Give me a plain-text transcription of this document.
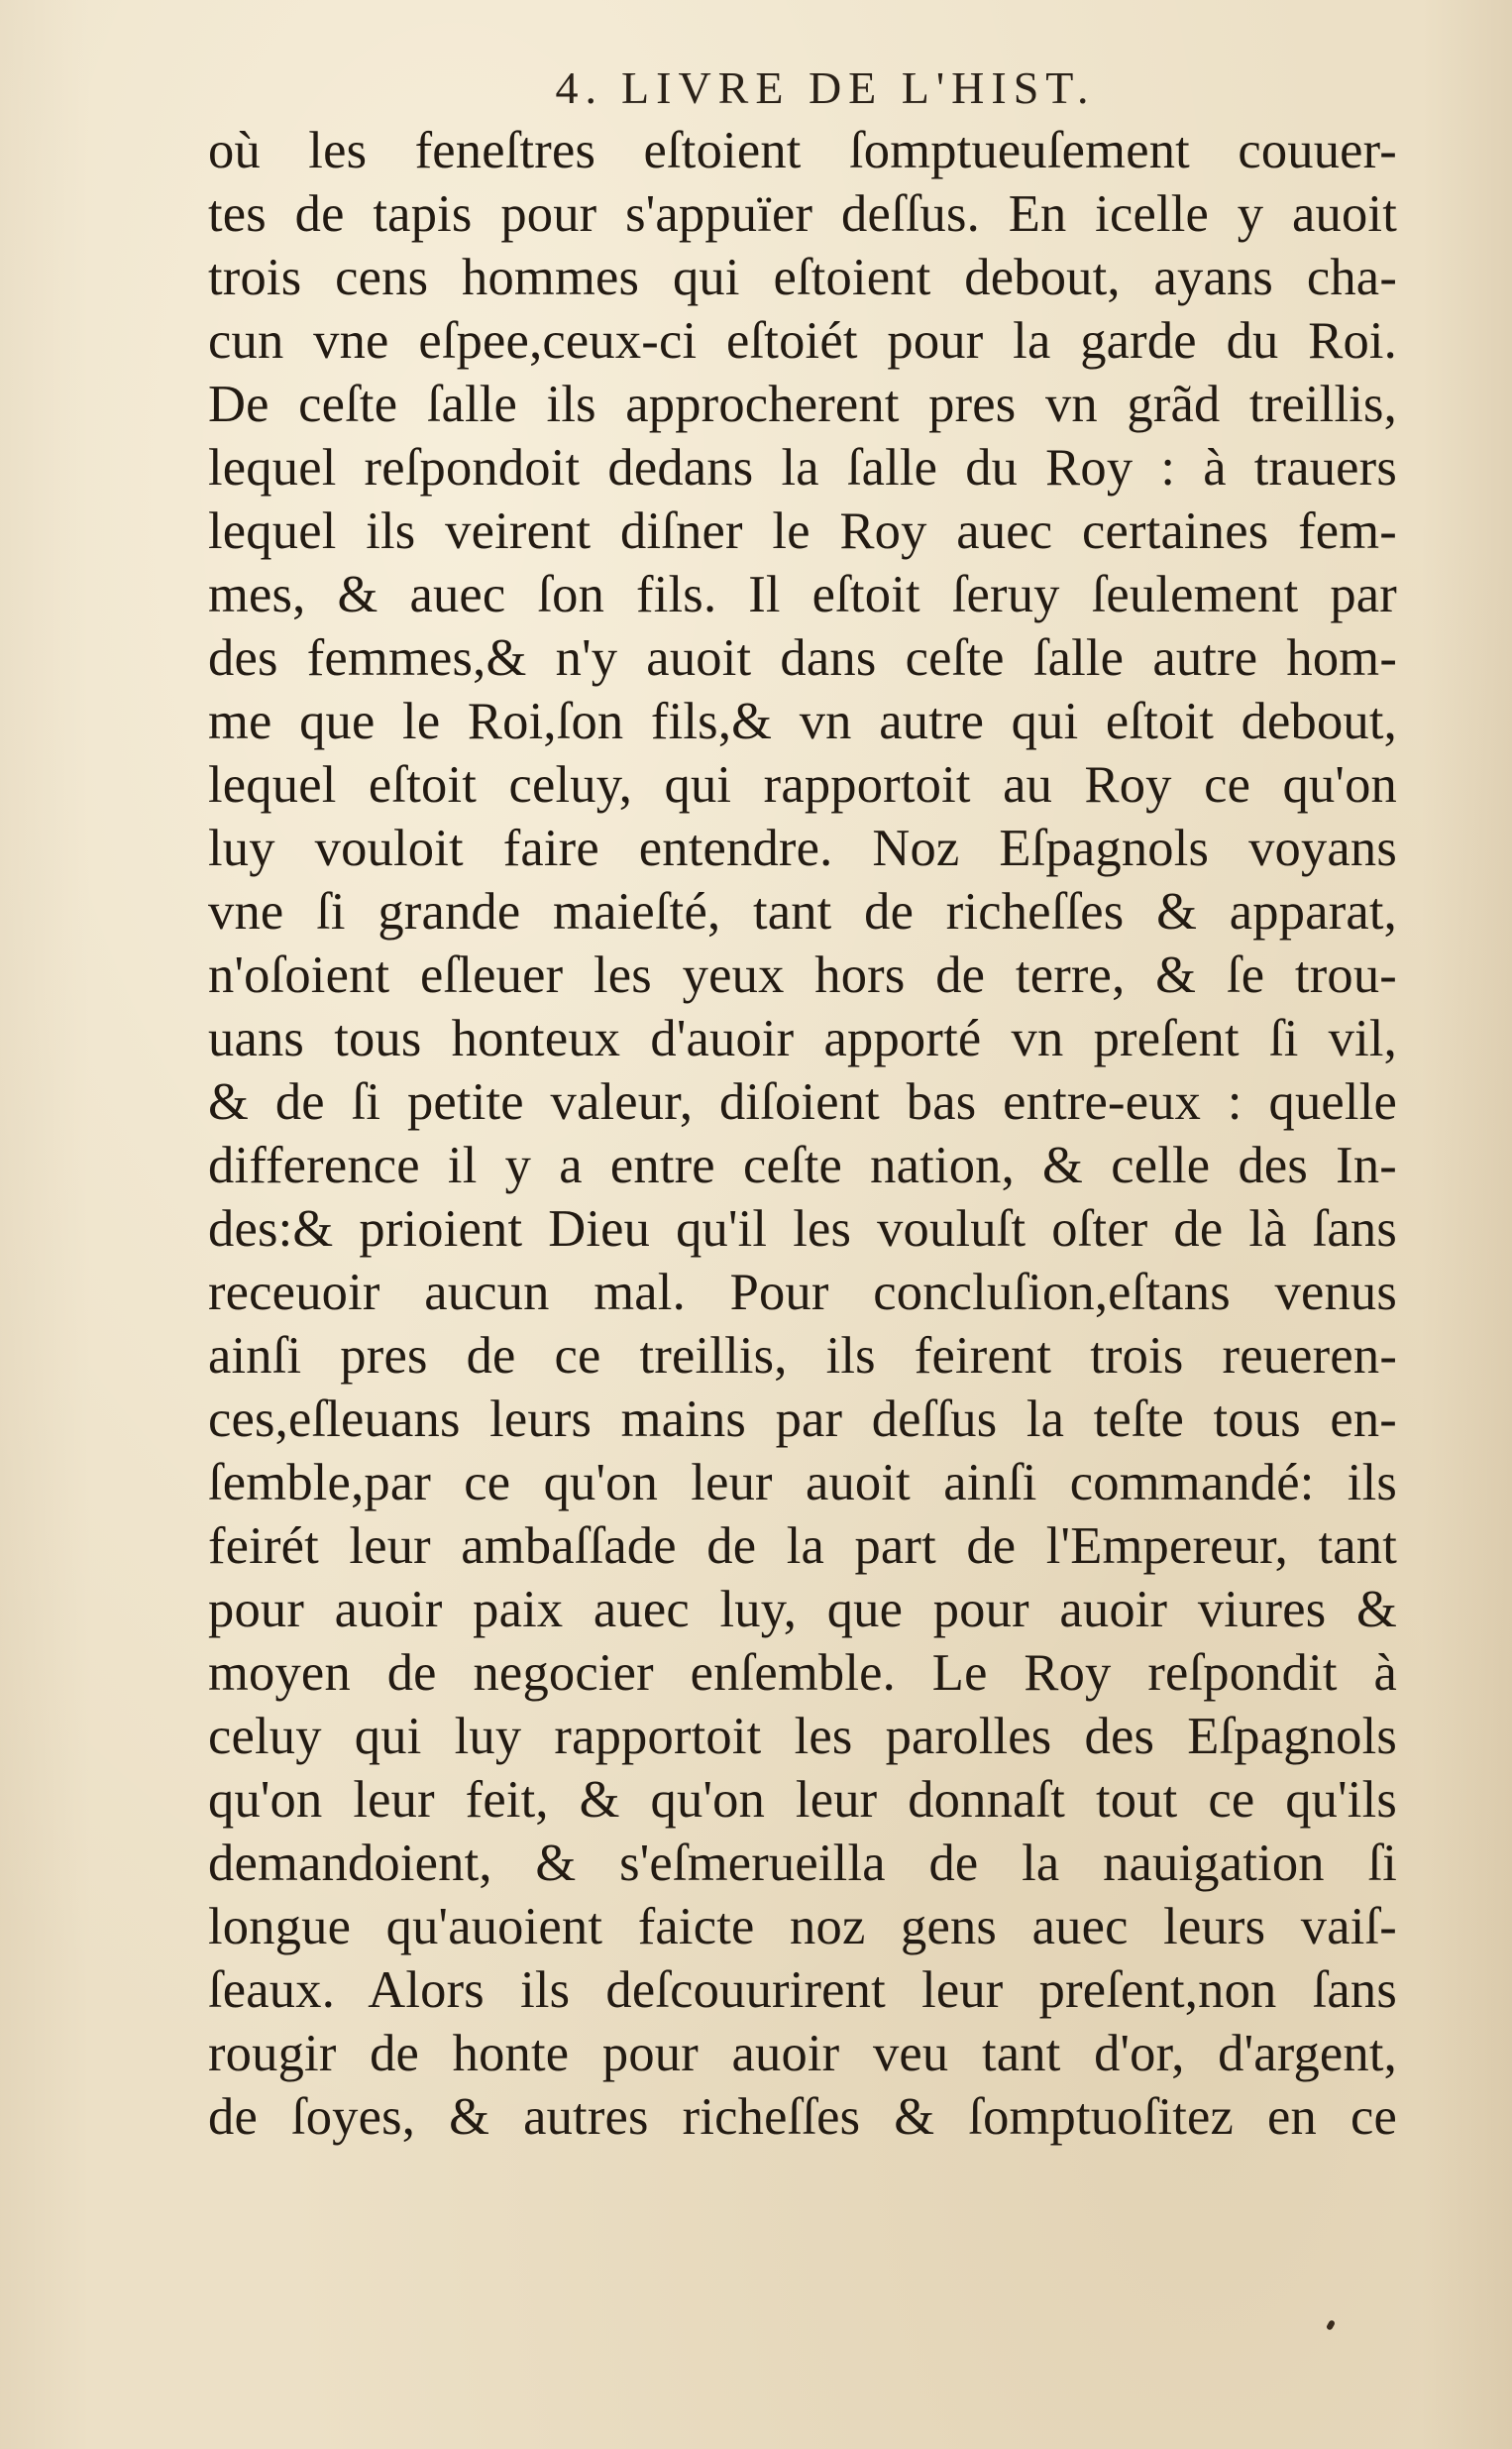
4. LIVRE DE L'HIST.
où les feneſtres eſtoient ſomptueuſement couuer-
tes de tapis pour s'appuïer deſſus. En icelle y auoit
trois cens hommes qui eſtoient debout, ayans cha-
cun vne eſpee,ceux-ci eſtoiét pour la garde du Roi.
De ceſte ſalle ils approcherent pres vn grãd treillis,
lequel reſpondoit dedans la ſalle du Roy : à trauers
lequel ils veirent diſner le Roy auec certaines fem-
mes, & auec ſon fils. Il eſtoit ſeruy ſeulement par
des femmes,& n'y auoit dans ceſte ſalle autre hom-
me que le Roi,ſon fils,& vn autre qui eſtoit debout,
lequel eſtoit celuy, qui rapportoit au Roy ce qu'on
luy vouloit faire entendre. Noz Eſpagnols voyans
vne ſi grande maieſté, tant de richeſſes & apparat,
n'oſoient eſleuer les yeux hors de terre, & ſe trou-
uans tous honteux d'auoir apporté vn preſent ſi vil,
& de ſi petite valeur, diſoient bas entre-eux : quelle
difference il y a entre ceſte nation, & celle des In-
des:& prioient Dieu qu'il les vouluſt oſter de là ſans
receuoir aucun mal. Pour concluſion,eſtans venus
ainſi pres de ce treillis, ils feirent trois reueren-
ces,eſleuans leurs mains par deſſus la teſte tous en-
ſemble,par ce qu'on leur auoit ainſi commandé: ils
feirét leur ambaſſade de la part de l'Empereur, tant
pour auoir paix auec luy, que pour auoir viures &
moyen de negocier enſemble. Le Roy reſpondit à
celuy qui luy rapportoit les parolles des Eſpagnols
qu'on leur feit, & qu'on leur donnaſt tout ce qu'ils
demandoient, & s'eſmerueilla de la nauigation ſi
longue qu'auoient faicte noz gens auec leurs vaiſ-
ſeaux. Alors ils deſcouurirent leur preſent,non ſans
rougir de honte pour auoir veu tant d'or, d'argent,
de ſoyes, & autres richeſſes & ſomptuoſitez en ce
